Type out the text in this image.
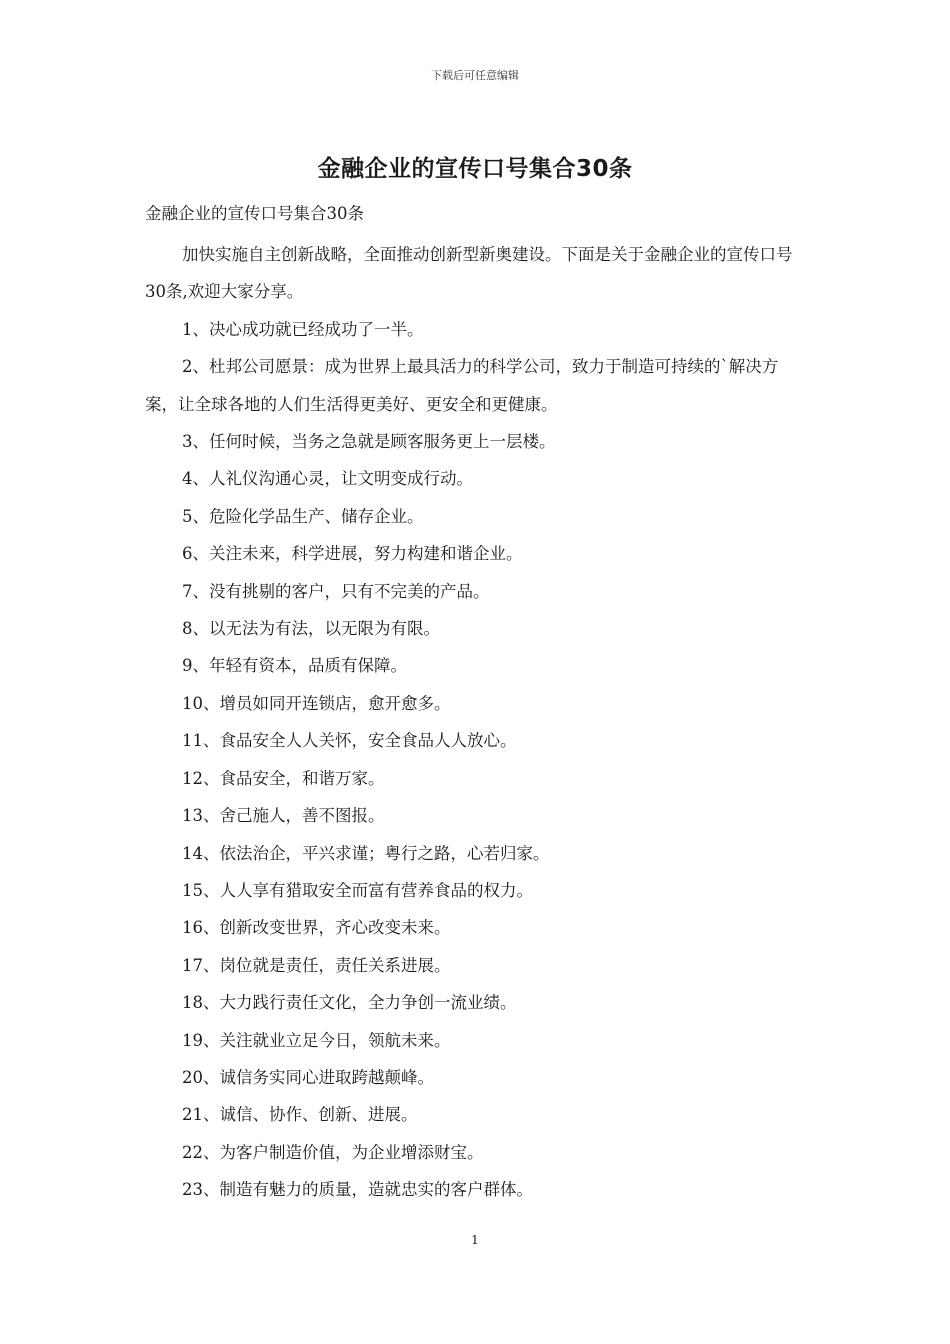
下载后可任意编辑
金融企业的宣传口号集合30条
金融企业的宣传口号集合30条

加快实施自主创新战略，全面推动创新型新奥建设。下面是关于金融企业的宣传口号30条,欢迎大家分享。

1、决心成功就已经成功了一半。

2、杜邦公司愿景：成为世界上最具活力的科学公司，致力于制造可持续的`解决方案，让全球各地的人们生活得更美好、更安全和更健康。

3、任何时候，当务之急就是顾客服务更上一层楼。

4、人礼仪沟通心灵，让文明变成行动。

5、危险化学品生产、储存企业。

6、关注未来，科学进展，努力构建和谐企业。

7、没有挑剔的客户，只有不完美的产品。

8、以无法为有法，以无限为有限。

9、年轻有资本，品质有保障。

10、增员如同开连锁店，愈开愈多。

11、食品安全人人关怀，安全食品人人放心。

12、食品安全，和谐万家。

13、舍己施人，善不图报。

14、依法治企，平兴求谨；粤行之路，心若归家。

15、人人享有猎取安全而富有营养食品的权力。

16、创新改变世界，齐心改变未来。

17、岗位就是责任，责任关系进展。

18、大力践行责任文化，全力争创一流业绩。

19、关注就业立足今日，领航未来。

20、诚信务实同心进取跨越颠峰。

21、诚信、协作、创新、进展。

22、为客户制造价值，为企业增添财宝。

23、制造有魅力的质量，造就忠实的客户群体。

1
